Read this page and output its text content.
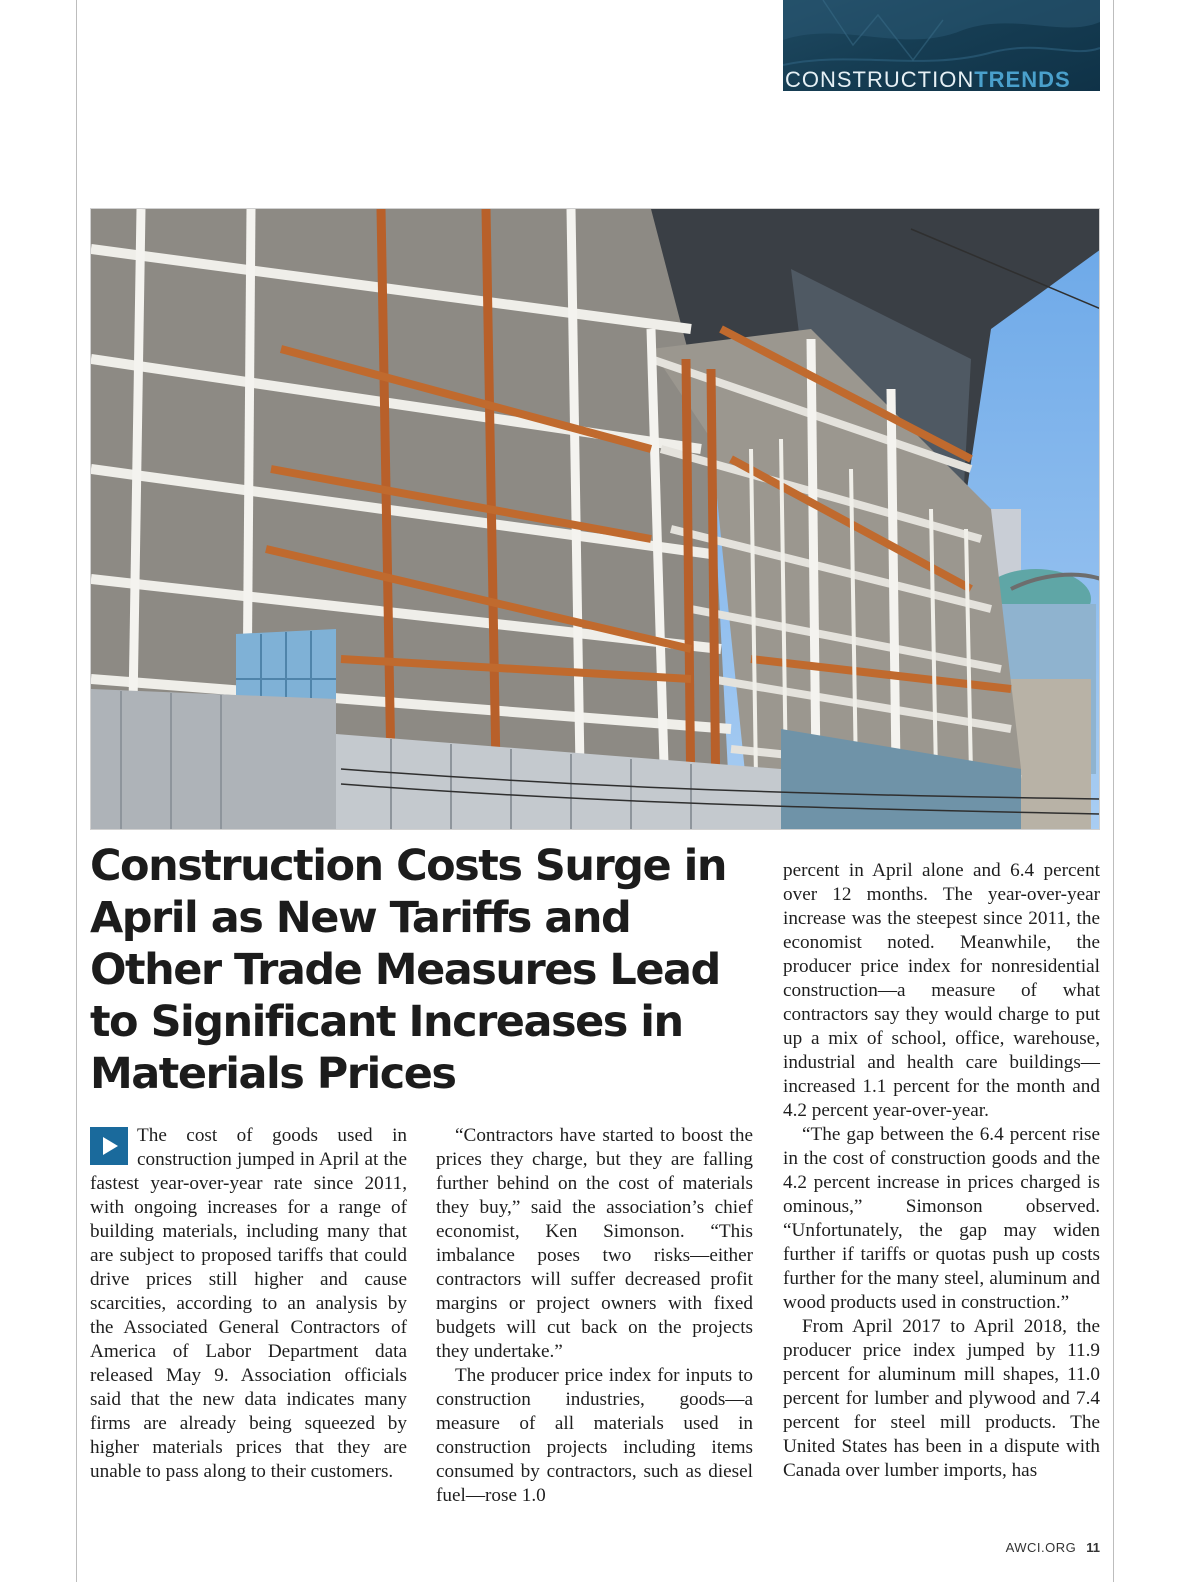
CONSTRUCTIONTRENDS
Construction Costs Surge in April as New Tariffs and Other Trade Measures Lead to Significant Increases in Materials Prices

The cost of goods used in construction jumped in April at the fastest year-over-year rate since 2011, with ongoing increases for a range of building materials, including many that are subject to proposed tariffs that could drive prices still higher and cause scarcities, according to an analysis by the Associated General Contractors of America of Labor Department data released May 9. Association officials said that the new data indicates many firms are already being squeezed by higher materials prices that they are unable to pass along to their customers.

“Contractors have started to boost the prices they charge, but they are falling further behind on the cost of materials they buy,” said the association’s chief economist, Ken Simonson. “This imbalance poses two risks—either contractors will suffer decreased profit margins or project owners with fixed budgets will cut back on the projects they undertake.”

The producer price index for inputs to construction industries, goods—a measure of all materials used in construction projects including items consumed by contractors, such as diesel fuel—rose 1.0

percent in April alone and 6.4 percent over 12 months. The year-over-year increase was the steepest since 2011, the economist noted. Meanwhile, the producer price index for nonresidential construction—a measure of what contractors say they would charge to put up a mix of school, office, warehouse, industrial and health care buildings—increased 1.1 percent for the month and 4.2 percent year-over-year.

“The gap between the 6.4 percent rise in the cost of construction goods and the 4.2 percent increase in prices charged is ominous,” Simonson observed. “Unfortunately, the gap may widen further if tariffs or quotas push up costs further for the many steel, aluminum and wood products used in construction.”

From April 2017 to April 2018, the producer price index jumped by 11.9 percent for aluminum mill shapes, 11.0 percent for lumber and plywood and 7.4 percent for steel mill products. The United States has been in a dispute with Canada over lumber imports, has

AWCI.ORG 11
